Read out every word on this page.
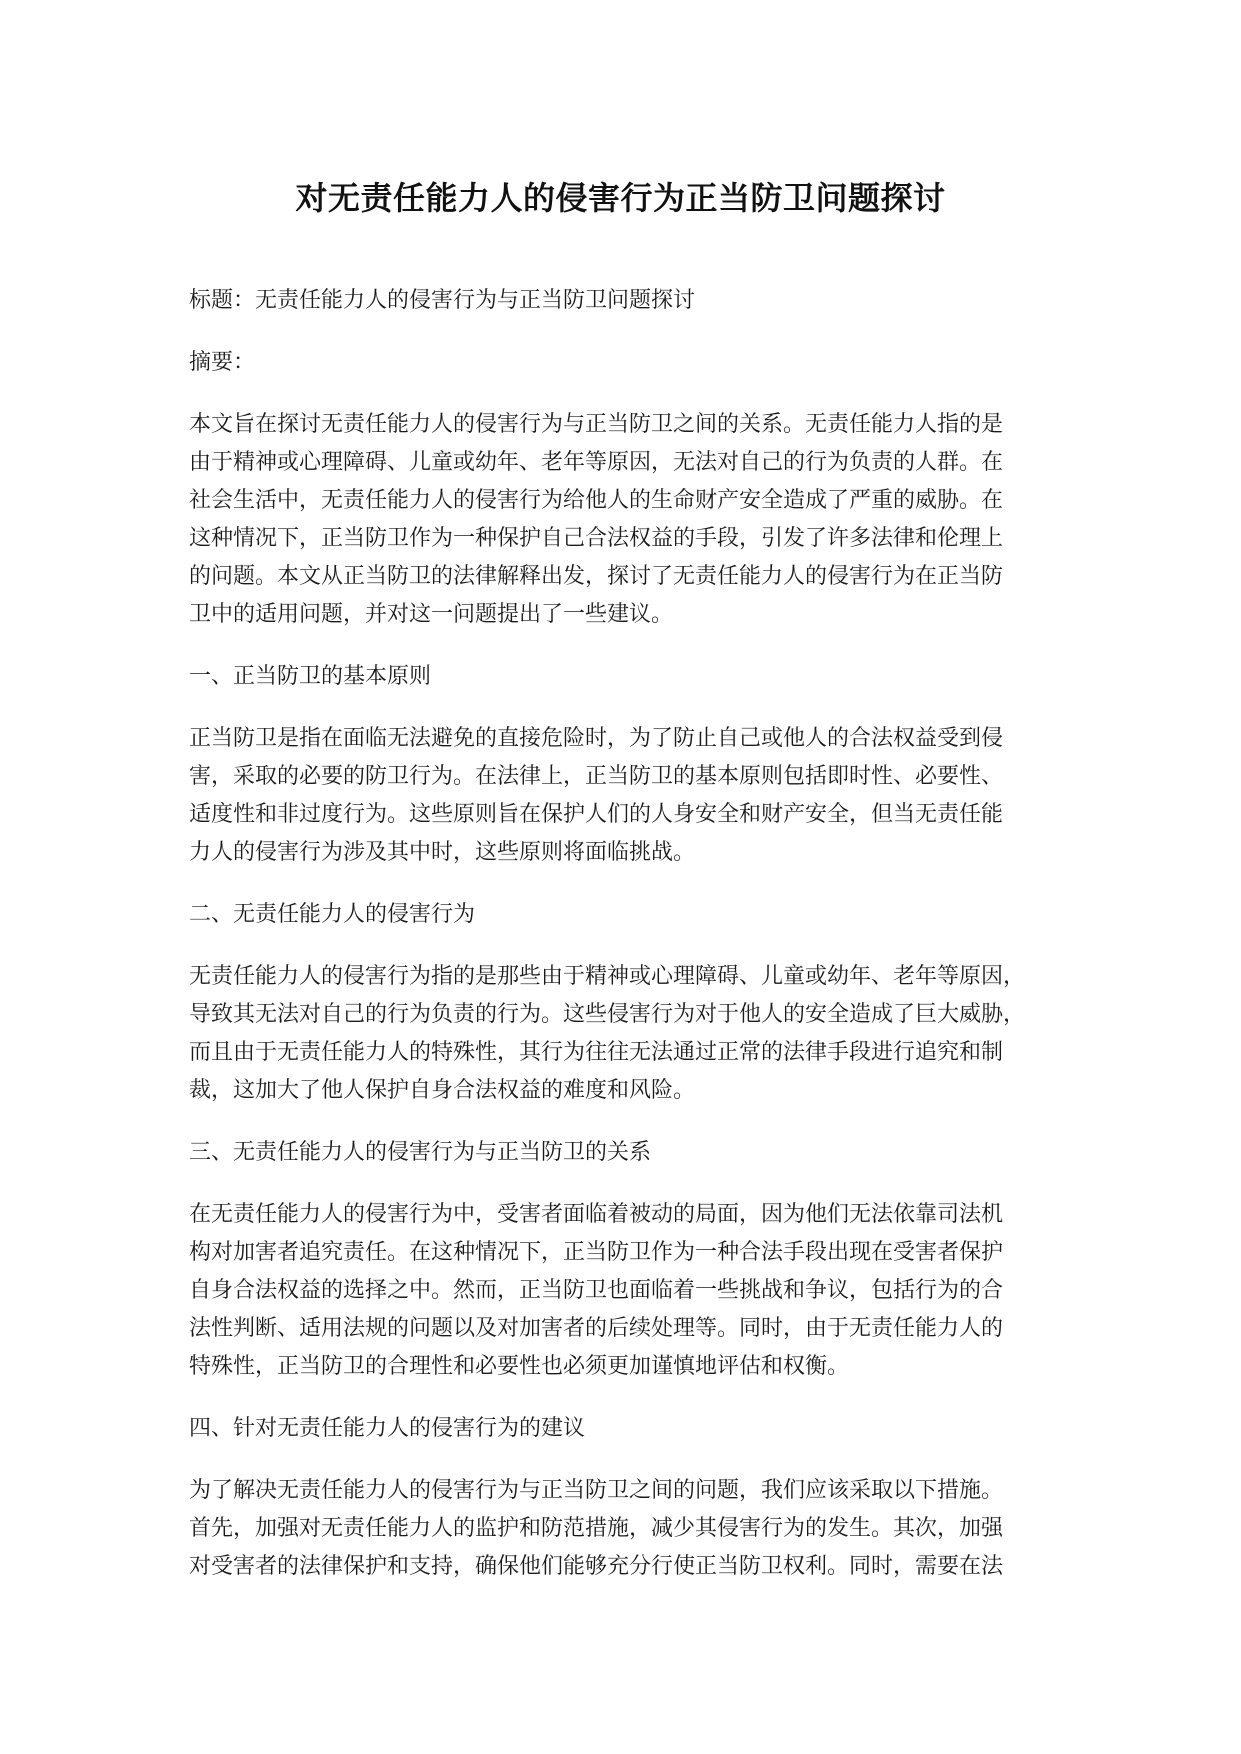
对无责任能力人的侵害行为正当防卫问题探讨

标题：无责任能力人的侵害行为与正当防卫问题探讨

摘要：

本文旨在探讨无责任能力人的侵害行为与正当防卫之间的关系。无责任能力人指的是
由于精神或心理障碍、儿童或幼年、老年等原因，无法对自己的行为负责的人群。在
社会生活中，无责任能力人的侵害行为给他人的生命财产安全造成了严重的威胁。在
这种情况下，正当防卫作为一种保护自己合法权益的手段，引发了许多法律和伦理上
的问题。本文从正当防卫的法律解释出发，探讨了无责任能力人的侵害行为在正当防
卫中的适用问题，并对这一问题提出了一些建议。

一、正当防卫的基本原则

正当防卫是指在面临无法避免的直接危险时，为了防止自己或他人的合法权益受到侵
害，采取的必要的防卫行为。在法律上，正当防卫的基本原则包括即时性、必要性、
适度性和非过度行为。这些原则旨在保护人们的人身安全和财产安全，但当无责任能
力人的侵害行为涉及其中时，这些原则将面临挑战。

二、无责任能力人的侵害行为

无责任能力人的侵害行为指的是那些由于精神或心理障碍、儿童或幼年、老年等原因，
导致其无法对自己的行为负责的行为。这些侵害行为对于他人的安全造成了巨大威胁，
而且由于无责任能力人的特殊性，其行为往往无法通过正常的法律手段进行追究和制
裁，这加大了他人保护自身合法权益的难度和风险。

三、无责任能力人的侵害行为与正当防卫的关系

在无责任能力人的侵害行为中，受害者面临着被动的局面，因为他们无法依靠司法机
构对加害者追究责任。在这种情况下，正当防卫作为一种合法手段出现在受害者保护
自身合法权益的选择之中。然而，正当防卫也面临着一些挑战和争议，包括行为的合
法性判断、适用法规的问题以及对加害者的后续处理等。同时，由于无责任能力人的
特殊性，正当防卫的合理性和必要性也必须更加谨慎地评估和权衡。

四、针对无责任能力人的侵害行为的建议

为了解决无责任能力人的侵害行为与正当防卫之间的问题，我们应该采取以下措施。
首先，加强对无责任能力人的监护和防范措施，减少其侵害行为的发生。其次，加强
对受害者的法律保护和支持，确保他们能够充分行使正当防卫权利。同时，需要在法
